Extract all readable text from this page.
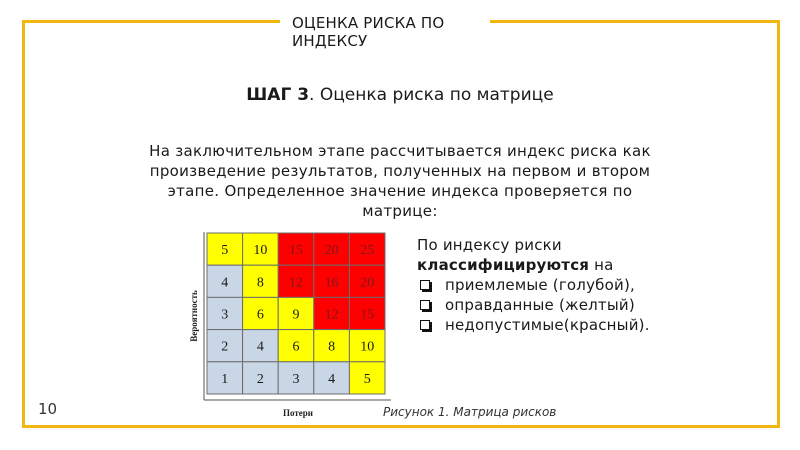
ОЦЕНКА РИСКА ПО ИНДЕКСУ
ШАГ 3. Оценка риска по матрице
На заключительном этапе рассчитывается индекс риска как произведение результатов, полученных на первом и втором этапе. Определенное значение индекса проверяется по матрице:
Вероятность
Потери
5 10 15 20 25
4 8 12 16 20
3 6 9 12 15
2 4 6 8 10
1 2 3 4 5
По индексу риски
классифицируются на
приемлемые (голубой),
оправданные (желтый)
недопустимые(красный).
Рисунок 1. Матрица рисков
10
